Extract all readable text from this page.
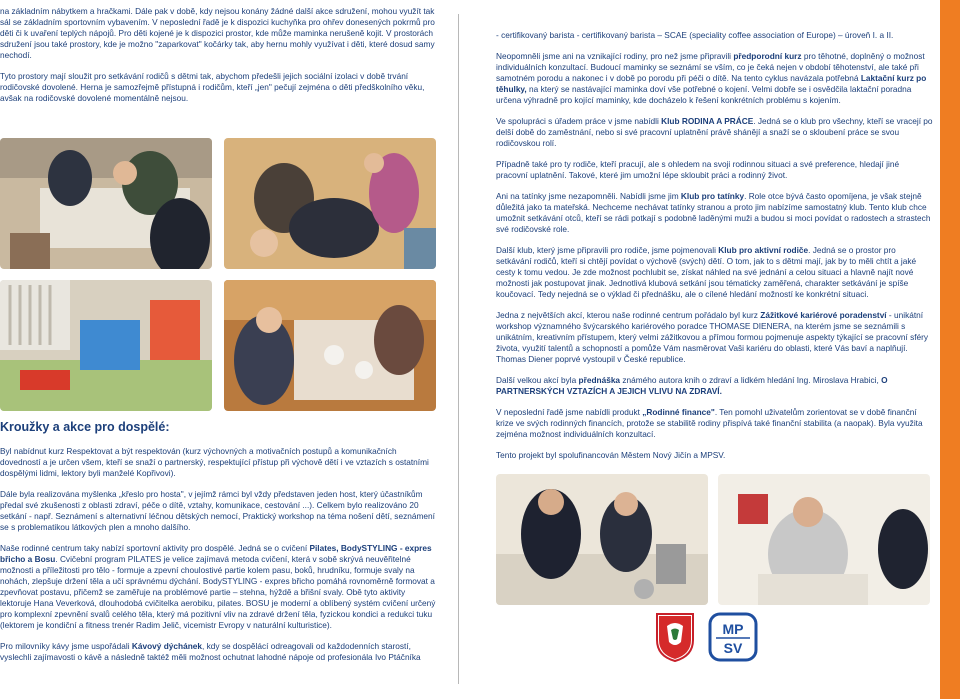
na základním nábytkem a hračkami. Dále pak v době, kdy nejsou konány žádné další akce sdružení, mohou využít tak sál se základním sportovním vybavením. V neposlední řadě je k dispozici kuchyňka pro ohřev donesených pokrmů pro děti či k uvaření teplých nápojů. Pro děti kojené je k dispozici prostor, kde může maminka nerušeně kojit. V prostorách sdružení jsou také prostory, kde je možno "zaparkovat" kočárky tak, aby hernu mohly využívat i děti, které dosud samy nechodí.

Tyto prostory mají sloužit pro setkávání rodičů s dětmi tak, abychom předešli jejich sociální izolaci v době trvání rodičovské dovolené. Herna je samozřejmě přístupná i rodičům, kteří „jen" pečují zejména o děti předškolního věku, avšak na rodičovské dovolené momentálně nejsou.

Kroužky a akce pro dospělé:

Byl nabídnut kurz Respektovat a být respektován (kurz výchovných a motivačních postupů a komunikačních dovedností a je určen všem, kteří se snaží o partnerský, respektující přístup při výchově dětí i ve vztazích s ostatními dospělými lidmi, lektory byli manželé Kopřivovi).

Dále byla realizována myšlenka „křeslo pro hosta", v jejímž rámci byl vždy představen jeden host, který účastníkům předal své zkušenosti z oblasti zdraví, péče o dítě, vztahy, komunikace, cestování ...). Celkem bylo realizováno 20 setkání - např. Seznámení s alternativní léčnou dětských nemocí, Praktický workshop na téma nošení dětí, seznámení se s problematikou látkových plen a mnoho dalšího.

Naše rodinné centrum taky nabízí sportovní aktivity pro dospělé. Jedná se o cvičení Pilates, BodySTYLING - expres břicho a Bosu. Cvičební program PILATES je velice zajímavá metoda cvičení, která v sobě skrývá neuvěřitelné možnosti a příležitosti pro tělo - formuje a zpevní choulostivé partie kolem pasu, boků, hrudníku, formuje svaly na nohách, zlepšuje držení těla a učí správnému dýchání. BodySTYLING - expres břicho pomáhá rovnoměrně formovat a zpevňovat postavu, přičemž se zaměřuje na problémové partie – stehna, hýždě a břišní svaly. Obě tyto aktivity lektoruje Hana Veverková, dlouhodobá cvičitelka aerobiku, pilates. BOSU je moderní a oblíbený systém cvičení určený pro komplexní zpevnění svalů celého těla, který má pozitivní vliv na zdravé držení těla, fyzickou kondici a redukci tuku (lektorem je kondiční a fitness trenér Radim Jelič, vicemistr Evropy v naturální kulturistice).

Pro milovníky kávy jsme uspořádali Kávový dýchánek, kdy se dospělácí odreagovali od každodenních starostí, vyslechli zajímavosti o kávě a následně taktéž měli možnost ochutnat lahodné nápoje od profesionála Ivo Ptáčníka

- certifikovaný barista - certifikovaný barista – SCAE (speciality coffee association of Europe) – úroveň I. a II.

Neopomněli jsme ani na vznikající rodiny, pro než jsme připravili předporodní kurz pro těhotné, doplněný o možnost individuálních konzultací. Budoucí maminky se seznámí se vším, co je čeká nejen v období těhotenství, ale také při samotném porodu a nakonec i v době po porodu při péči o dítě. Na tento cyklus navázala potřebná Laktační kurz po těhulky, na který se nastávající maminka doví vše potřebné o kojení. Velmi dobře se i osvědčila laktační poradna určena výhradně pro kojící maminky, kde docházelo k řešení konkrétních problému s kojením.

Ve spolupráci s úřadem práce v jsme nabídli Klub RODINA A PRÁCE. Jedná se o klub pro všechny, kteří se vracejí po delší době do zaměstnání, nebo si své pracovní uplatnění právě shánějí a snaží se o skloubení práce se svou rodičovskou rolí.

Případně také pro ty rodiče, kteří pracují, ale s ohledem na svoji rodinnou situaci a své preference, hledají jiné pracovní uplatnění. Takové, které jim umožní lépe skloubit práci a rodinný život.

Ani na tatínky jsme nezapomněli. Nabídli jsme jim Klub pro tatínky. Role otce bývá často opomíjena, je však stejně důležitá jako ta mateřská. Nechceme nechávat tatínky stranou a proto jim nabízíme samostatný klub. Tento klub chce umožnit setkávání otců, kteří se rádi potkají s podobně laděnými muži a budou si moci povídat o radostech a strastech své rodičovské role.

Další klub, který jsme připravili pro rodiče, jsme pojmenovali Klub pro aktivní rodiče. Jedná se o prostor pro setkávání rodičů, kteří si chtějí povídat o výchově (svých) dětí. O tom, jak to s dětmi mají, jak by to měli chtít a jaké cesty k tomu vedou. Je zde možnost pochlubit se, získat náhled na své jednání a celou situaci a hlavně najít nové možnosti jak postupovat jinak. Jednotlivá klubová setkání jsou tématicky zaměřená, charakter setkávání je spíše koučovací. Tedy nejedná se o výklad či přednášku, ale o cílené hledání možností ke konkrétní situaci.

Jedna z největších akcí, kterou naše rodinné centrum pořádalo byl kurz Zážitkové kariérové poradenství - unikátní workshop významného švýcarského kariérového poradce THOMASE DIENERA, na kterém jsme se seznámili s unikátním, kreativním přístupem, který velmi zážitkovou a přímou formou pojmenuje aspekty týkající se pracovní sféry života, využití talentů a schopností a pomůže Vám nasměrovat Vaši kariéru do oblasti, které Vás baví a naplňují. Thomas Diener poprvé vystoupil v České republice.

Další velkou akcí byla přednáška známého autora knih o zdraví a lidkém hledání Ing. Miroslava Hrabici, O PARTNERSKÝCH VZTAZÍCH A JEJICH VLIVU NA ZDRAVÍ.

V neposlední řadě jsme nabídli produkt „Rodinné finance". Ten pomohl uživatelům zorientovat se v době finanční krize ve svých rodinných financích, protože se stabilitě rodiny přispívá také finanční stabilita (a naopak). Byla využita zejména možnost individuálních konzultací.

Tento projekt byl spolufinancován Městem Nový Jičín a MPSV.

MP
SV
